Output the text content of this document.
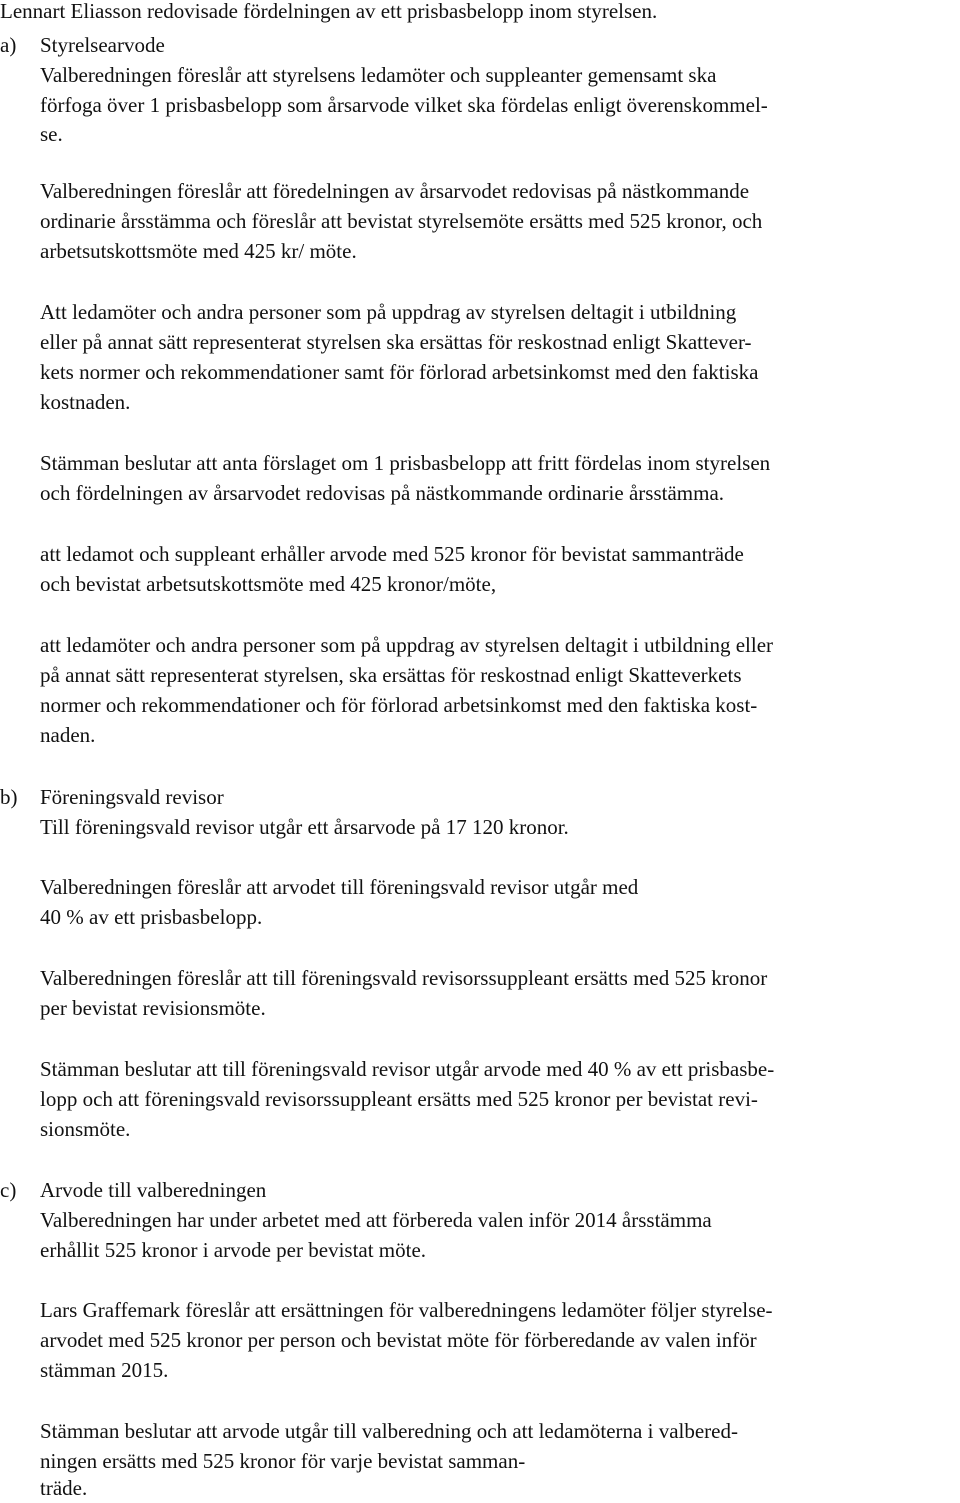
Lennart Eliasson redovisade fördelningen av ett prisbasbelopp inom styrelsen.
a) Styrelsearvode
Valberedningen föreslår att styrelsens ledamöter och suppleanter gemensamt ska
förfoga över 1 prisbasbelopp som årsarvode vilket ska fördelas enligt överenskommel-
se.
Valberedningen föreslår att föredelningen av årsarvodet redovisas på nästkommande
ordinarie årsstämma och föreslår att bevistat styrelsemöte ersätts med 525 kronor, och
arbetsutskottsmöte med 425 kr/ möte.
Att ledamöter och andra personer som på uppdrag av styrelsen deltagit i utbildning
eller på annat sätt representerat styrelsen ska ersättas för reskostnad enligt Skattever-
kets normer och rekommendationer samt för förlorad arbetsinkomst med den faktiska
kostnaden.
Stämman beslutar att anta förslaget om 1 prisbasbelopp att fritt fördelas inom styrelsen
och fördelningen av årsarvodet redovisas på nästkommande ordinarie årsstämma.
att ledamot och suppleant erhåller arvode med 525 kronor för bevistat sammanträde
och bevistat arbetsutskottsmöte med 425 kronor/möte,
att ledamöter och andra personer som på uppdrag av styrelsen deltagit i utbildning eller
på annat sätt representerat styrelsen, ska ersättas för reskostnad enligt Skatteverkets
normer och rekommendationer och för förlorad arbetsinkomst med den faktiska kost-
naden.
b) Föreningsvald revisor
Till föreningsvald revisor utgår ett årsarvode på 17 120 kronor.
Valberedningen föreslår att arvodet till föreningsvald revisor utgår med
40 % av ett prisbasbelopp.
Valberedningen föreslår att till föreningsvald revisorssuppleant ersätts med 525 kronor
per bevistat revisionsmöte.
Stämman beslutar att till föreningsvald revisor utgår arvode med 40 % av ett prisbasbe-
lopp och att föreningsvald revisorssuppleant ersätts med 525 kronor per bevistat revi-
sionsmöte.
c) Arvode till valberedningen
Valberedningen har under arbetet med att förbereda valen inför 2014 årsstämma
erhållit 525 kronor i arvode per bevistat möte.
Lars Graffemark föreslår att ersättningen för valberedningens ledamöter följer styrelse-
arvodet med 525 kronor per person och bevistat möte för förberedande av valen inför
stämman 2015.
Stämman beslutar att arvode utgår till valberedning och att ledamöterna i valbered-
ningen ersätts med 525 kronor för varje bevistat samman-
träde.
